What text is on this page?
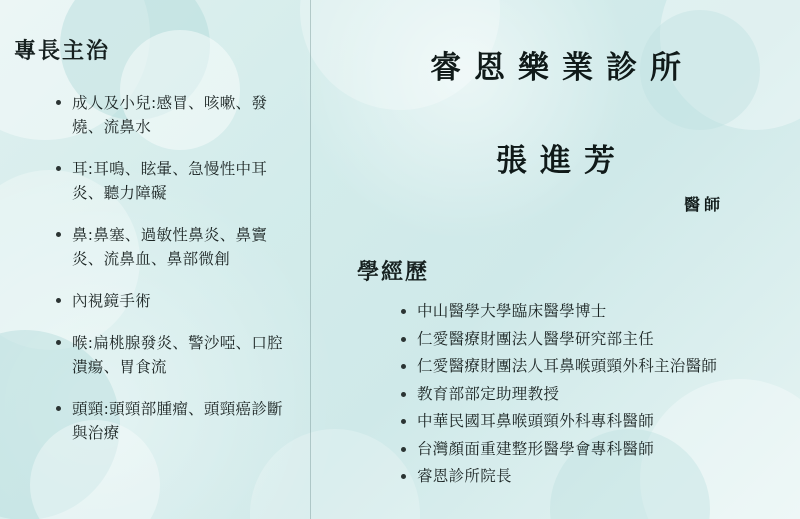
專長主治
成人及小兒:感冒、咳嗽、發燒、流鼻水
耳:耳鳴、眩暈、急慢性中耳炎、聽力障礙
鼻:鼻塞、過敏性鼻炎、鼻竇炎、流鼻血、鼻部微創
內視鏡手術
喉:扁桃腺發炎、警沙啞、口腔潰瘍、胃食流
頭頸:頭頸部腫瘤、頭頸癌診斷與治療
睿恩樂業診所
張進芳
醫師
學經歷
中山醫學大學臨床醫學博士
仁愛醫療財團法人醫學研究部主任
仁愛醫療財團法人耳鼻喉頭頸外科主治醫師
教育部部定助理教授
中華民國耳鼻喉頭頸外科專科醫師
台灣顏面重建整形醫學會專科醫師
睿恩診所院長
